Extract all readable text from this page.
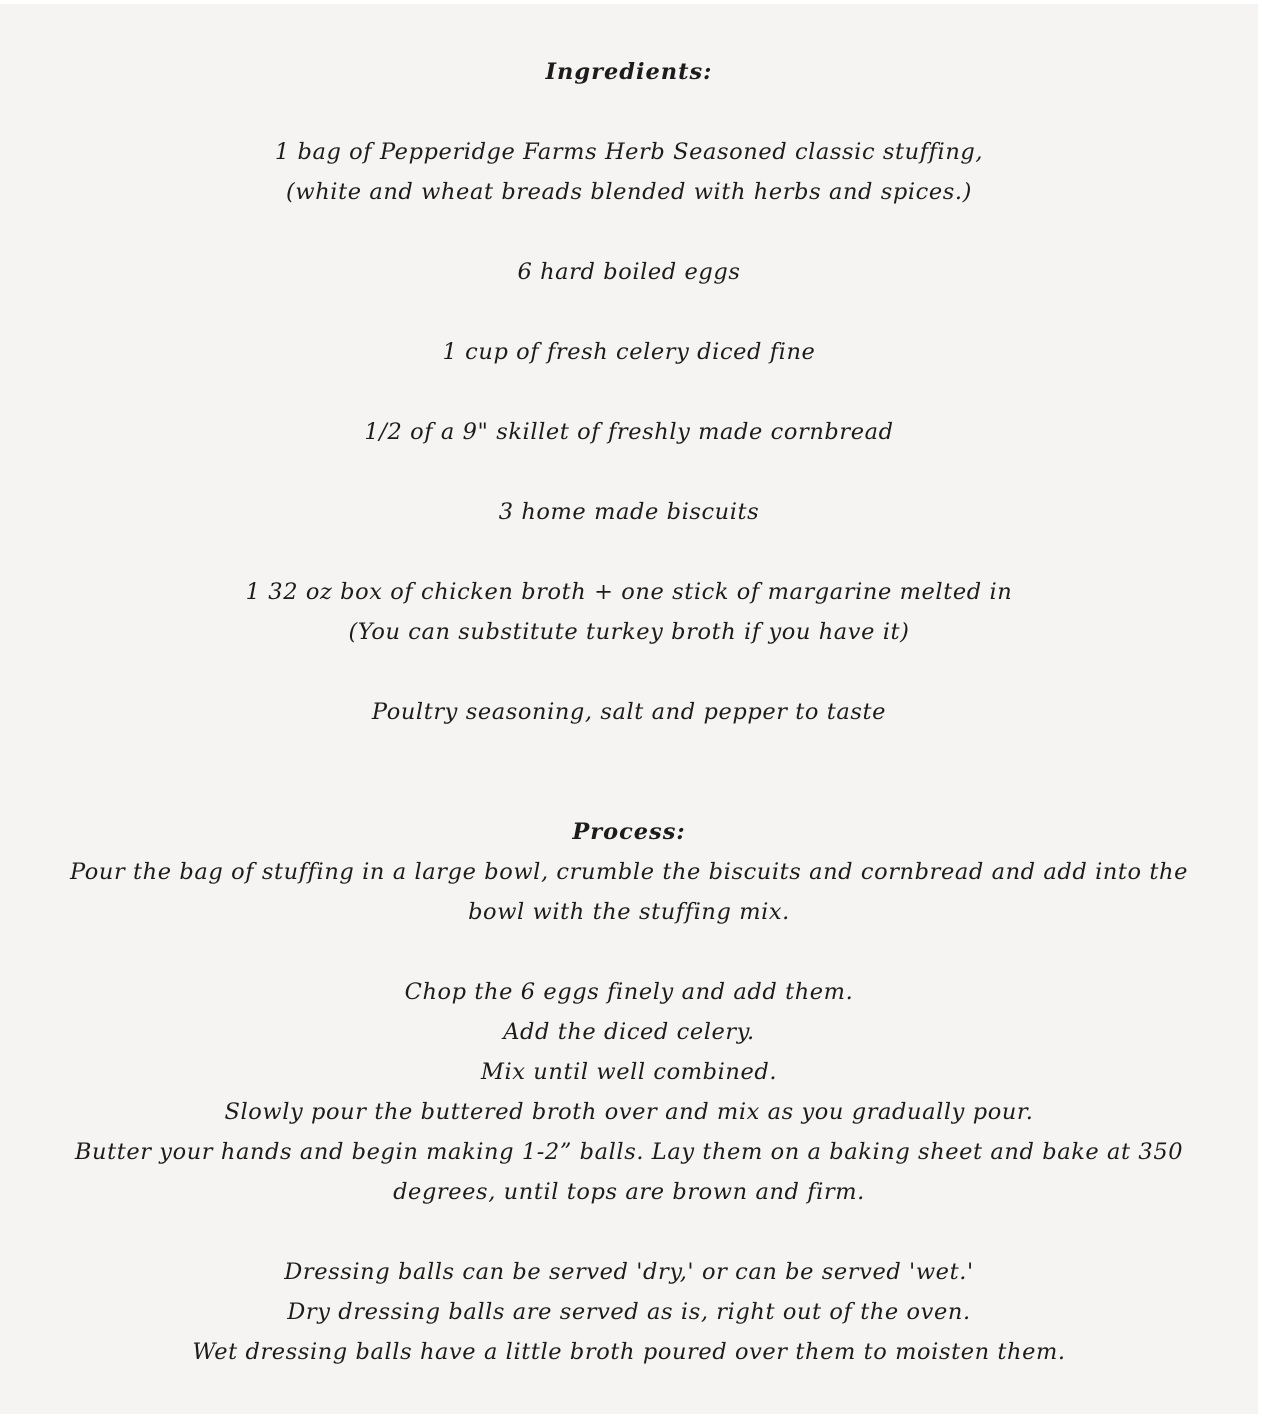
Ingredients:
1 bag of Pepperidge Farms Herb Seasoned classic stuffing,
(white and wheat breads blended with herbs and spices.)
6 hard boiled eggs
1 cup of fresh celery diced fine
1/2 of a 9" skillet of freshly made cornbread
3 home made biscuits
1 32 oz box of chicken broth + one stick of margarine melted in
(You can substitute turkey broth if you have it)
Poultry seasoning, salt and pepper to taste
Process:
Pour the bag of stuffing in a large bowl, crumble the biscuits and cornbread and add into the
bowl with the stuffing mix.
Chop the 6 eggs finely and add them.
Add the diced celery.
Mix until well combined.
Slowly pour the buttered broth over and mix as you gradually pour.
Butter your hands and begin making 1-2” balls. Lay them on a baking sheet and bake at 350
degrees, until tops are brown and firm.
Dressing balls can be served 'dry,' or can be served 'wet.'
Dry dressing balls are served as is, right out of the oven.
Wet dressing balls have a little broth poured over them to moisten them.
